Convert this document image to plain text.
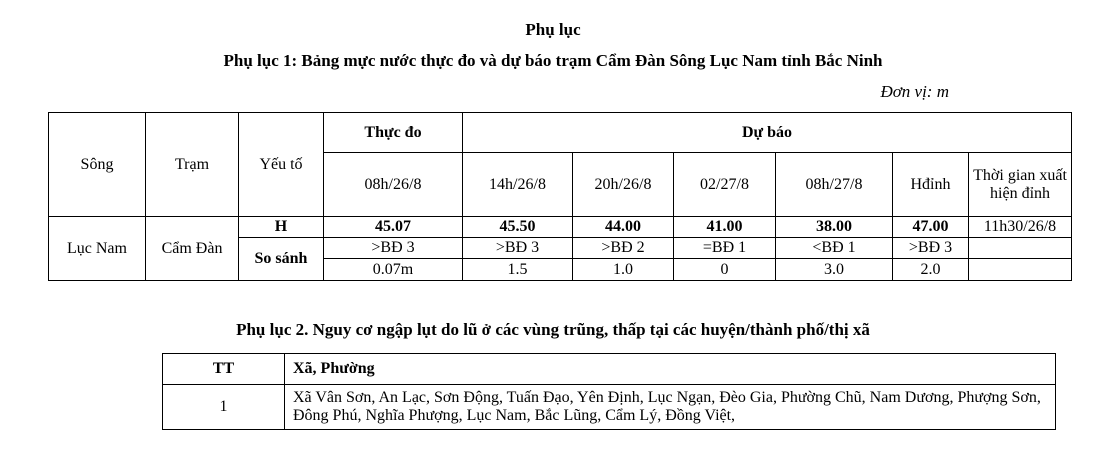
Phụ lục
Phụ lục 1: Bảng mực nước thực đo và dự báo trạm Cẩm Đàn Sông Lục Nam tỉnh Bắc Ninh
Đơn vị: m
Sông	Trạm	Yếu tố	Thực đo	Dự báo					
			08h/26/8	14h/26/8	20h/26/8	02/27/8	08h/27/8	Hđỉnh	Thời gian xuất hiện đỉnh
Lục Nam	Cẩm Đàn	H	45.07	45.50	44.00	41.00	38.00	47.00	11h30/26/8
		So sánh	>BĐ 3	>BĐ 3	>BĐ 2	=BĐ 1	<BĐ 1	>BĐ 3	
			0.07m	1.5	1.0	0	3.0	2.0	
Phụ lục 2. Nguy cơ ngập lụt do lũ ở các vùng trũng, thấp tại các huyện/thành phố/thị xã
TT	Xã, Phường
1	Xã Vân Sơn, An Lạc, Sơn Động, Tuấn Đạo, Yên Định, Lục Ngạn, Đèo Gia, Phường Chũ, Nam Dương, Phượng Sơn, Đông Phú, Nghĩa Phượng, Lục Nam, Bắc Lũng, Cẩm Lý, Đồng Việt,
